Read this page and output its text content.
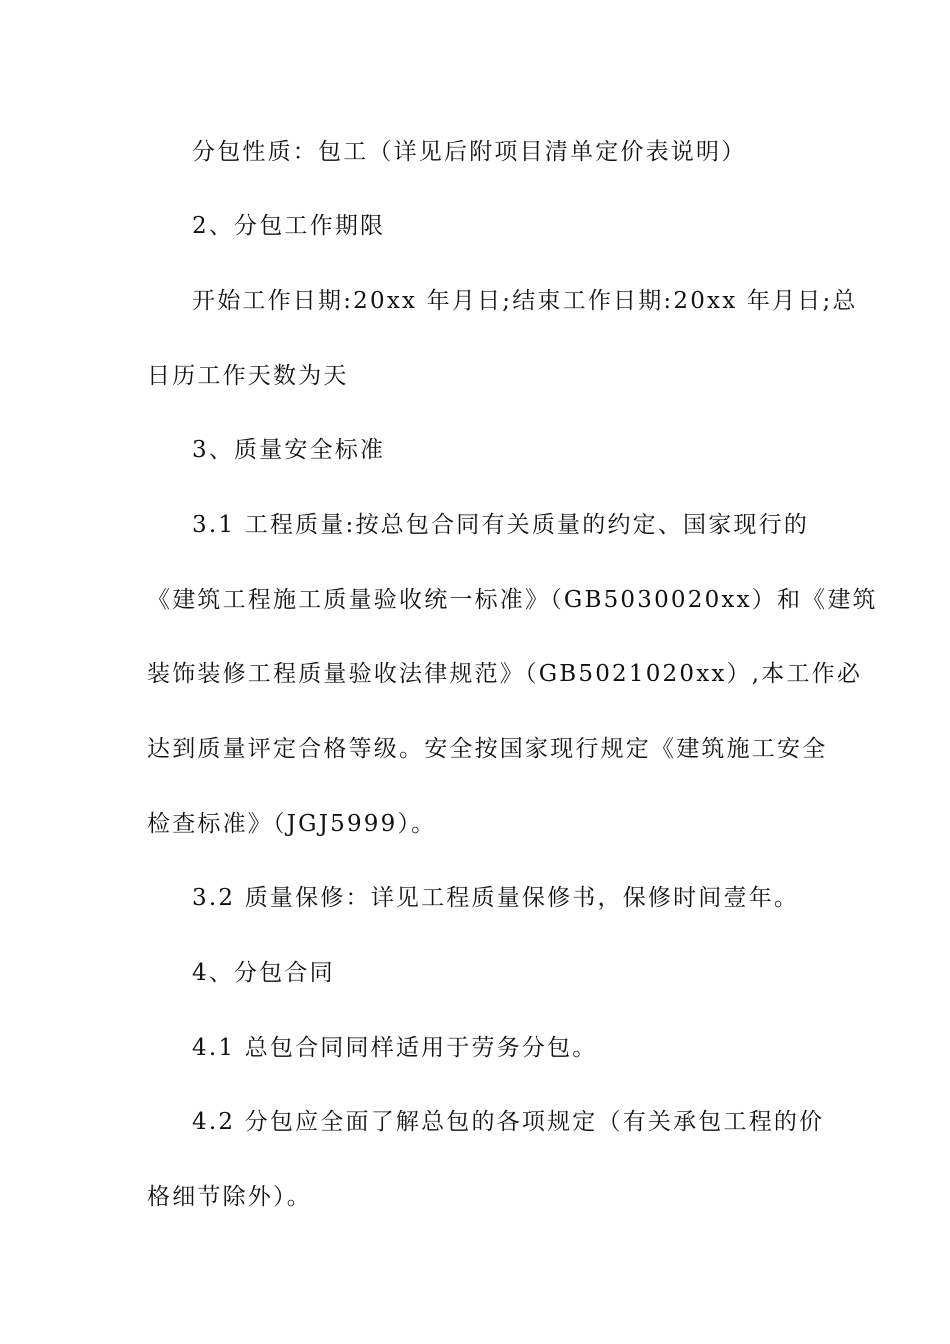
分包性质：包工（详见后附项目清单定价表说明）
2、分包工作期限
开始工作日期:20xx 年月日;结束工作日期:20xx 年月日;总
日历工作天数为天
3、质量安全标准
3.1 工程质量:按总包合同有关质量的约定、国家现行的
《建筑工程施工质量验收统一标准》（GB5030020xx）和《建筑
装饰装修工程质量验收法律规范》（GB5021020xx）,本工作必
达到质量评定合格等级。安全按国家现行规定《建筑施工安全
检查标准》（JGJ5999）。
3.2 质量保修：详见工程质量保修书，保修时间壹年。
4、分包合同
4.1 总包合同同样适用于劳务分包。
4.2 分包应全面了解总包的各项规定（有关承包工程的价
格细节除外）。
